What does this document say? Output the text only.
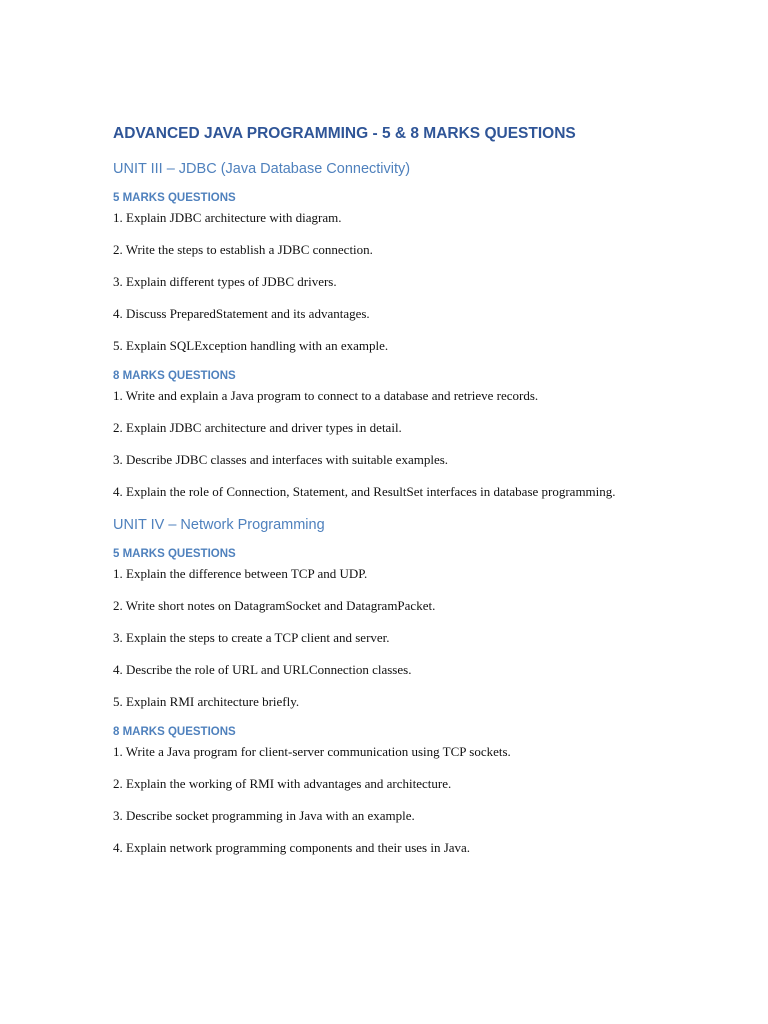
ADVANCED JAVA PROGRAMMING - 5 & 8 MARKS QUESTIONS
UNIT III – JDBC (Java Database Connectivity)
5 MARKS QUESTIONS
1. Explain JDBC architecture with diagram.
2. Write the steps to establish a JDBC connection.
3. Explain different types of JDBC drivers.
4. Discuss PreparedStatement and its advantages.
5. Explain SQLException handling with an example.
8 MARKS QUESTIONS
1. Write and explain a Java program to connect to a database and retrieve records.
2. Explain JDBC architecture and driver types in detail.
3. Describe JDBC classes and interfaces with suitable examples.
4. Explain the role of Connection, Statement, and ResultSet interfaces in database programming.
UNIT IV – Network Programming
5 MARKS QUESTIONS
1. Explain the difference between TCP and UDP.
2. Write short notes on DatagramSocket and DatagramPacket.
3. Explain the steps to create a TCP client and server.
4. Describe the role of URL and URLConnection classes.
5. Explain RMI architecture briefly.
8 MARKS QUESTIONS
1. Write a Java program for client-server communication using TCP sockets.
2. Explain the working of RMI with advantages and architecture.
3. Describe socket programming in Java with an example.
4. Explain network programming components and their uses in Java.
